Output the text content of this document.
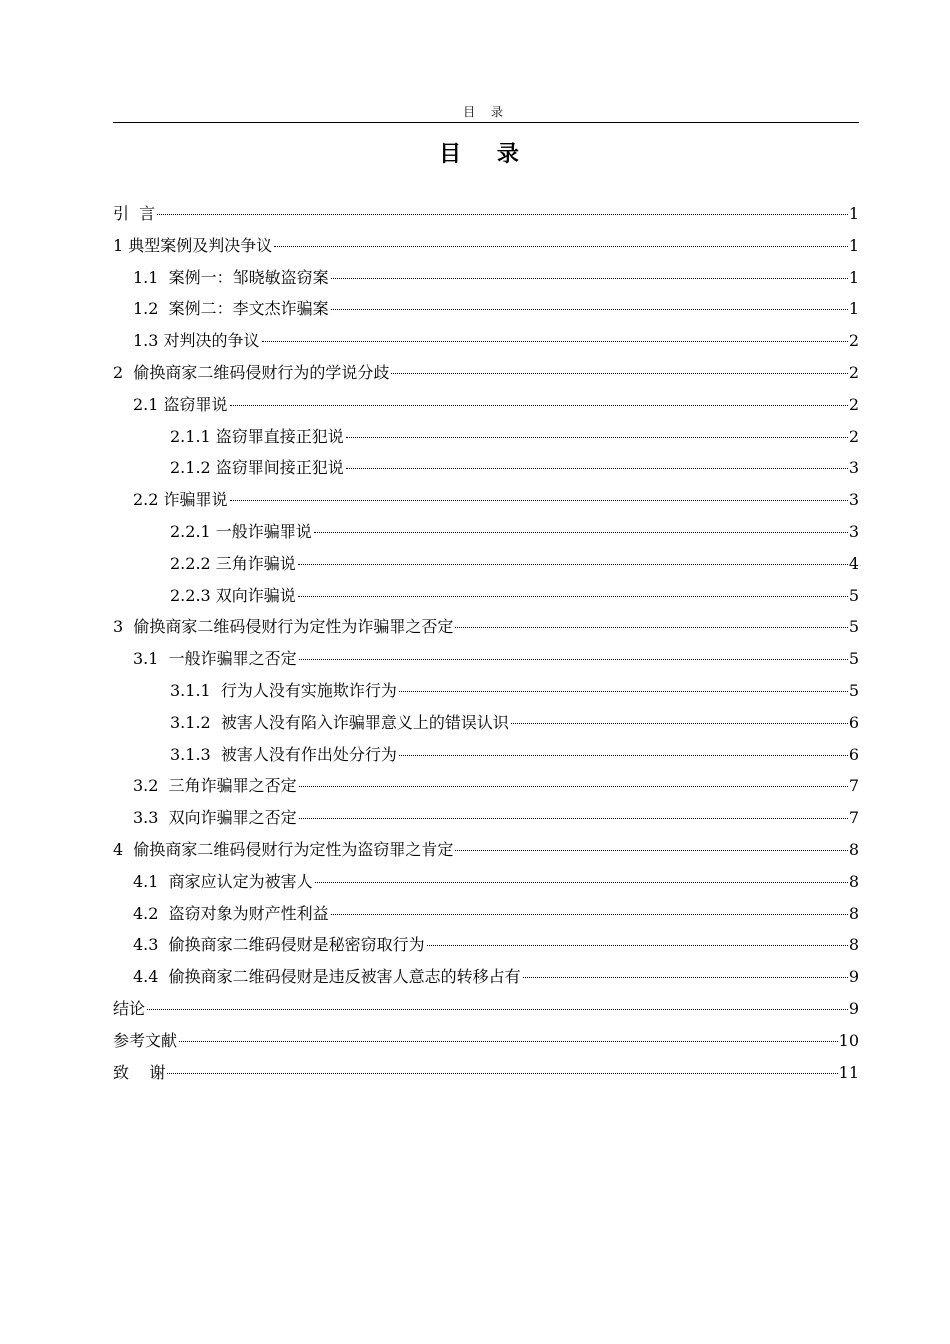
目 录
目 录
引  言	1
1 典型案例及判决争议	1
1.1  案例一：邹晓敏盗窃案	1
1.2  案例二：李文杰诈骗案	1
1.3 对判决的争议	2
2  偷换商家二维码侵财行为的学说分歧	2
2.1 盗窃罪说	2
2.1.1 盗窃罪直接正犯说	2
2.1.2 盗窃罪间接正犯说	3
2.2 诈骗罪说	3
2.2.1 一般诈骗罪说	3
2.2.2 三角诈骗说	4
2.2.3 双向诈骗说	5
3  偷换商家二维码侵财行为定性为诈骗罪之否定	5
3.1  一般诈骗罪之否定	5
3.1.1  行为人没有实施欺诈行为	5
3.1.2  被害人没有陷入诈骗罪意义上的错误认识	6
3.1.3  被害人没有作出处分行为	6
3.2  三角诈骗罪之否定	7
3.3  双向诈骗罪之否定	7
4  偷换商家二维码侵财行为定性为盗窃罪之肯定	8
4.1  商家应认定为被害人	8
4.2  盗窃对象为财产性利益	8
4.3  偷换商家二维码侵财是秘密窃取行为	8
4.4  偷换商家二维码侵财是违反被害人意志的转移占有	9
结论	9
参考文献	10
致    谢	11
